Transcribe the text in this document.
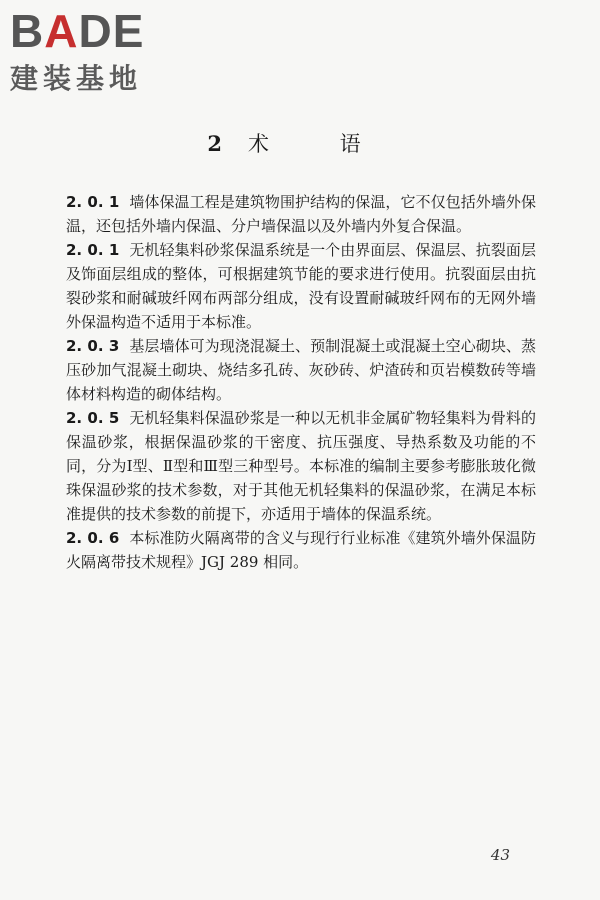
BADE
建装基地
2 术 语

2. 0. 1 墙体保温工程是建筑物围护结构的保温，它不仅包括外墙外保温，还包括外墙内保温、分户墙保温以及外墙内外复合保温。

2. 0. 1 无机轻集料砂浆保温系统是一个由界面层、保温层、抗裂面层及饰面层组成的整体，可根据建筑节能的要求进行使用。抗裂面层由抗裂砂浆和耐碱玻纤网布两部分组成，没有设置耐碱玻纤网布的无网外墙外保温构造不适用于本标准。

2. 0. 3 基层墙体可为现浇混凝土、预制混凝土或混凝土空心砌块、蒸压砂加气混凝土砌块、烧结多孔砖、灰砂砖、炉渣砖和页岩模数砖等墙体材料构造的砌体结构。

2. 0. 5 无机轻集料保温砂浆是一种以无机非金属矿物轻集料为骨料的保温砂浆，根据保温砂浆的干密度、抗压强度、导热系数及功能的不同，分为Ⅰ型、Ⅱ型和Ⅲ型三种型号。本标准的编制主要参考膨胀玻化微珠保温砂浆的技术参数，对于其他无机轻集料的保温砂浆，在满足本标准提供的技术参数的前提下，亦适用于墙体的保温系统。

2. 0. 6 本标准防火隔离带的含义与现行行业标准《建筑外墙外保温防火隔离带技术规程》JGJ 289 相同。

43
